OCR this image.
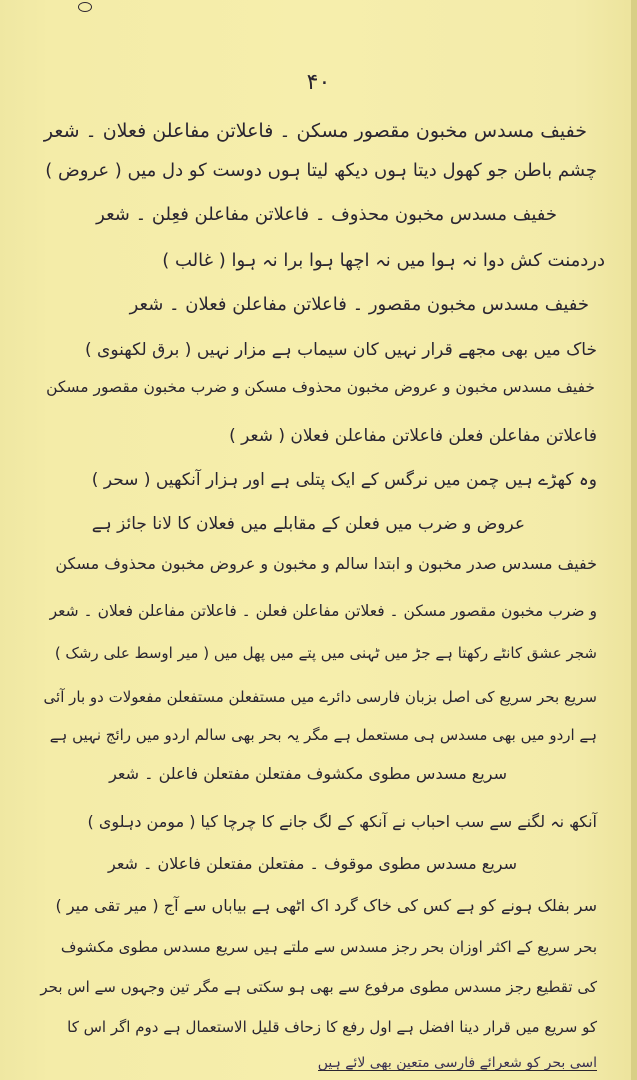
۴۰
خفیف مسدس مخبون مقصور مسکن ۔ فاعلاتن مفاعلن فعلان ۔ شعر
چشم باطن جو کھول دیتا ہوں دیکھ لیتا ہوں دوست کو دل میں ( عروض )
خفیف مسدس مخبون محذوف ۔ فاعلاتن مفاعلن فعِلن ۔ شعر
دردمنت کش دوا نہ ہوا میں نہ اچھا ہوا برا نہ ہوا ( غالب )
خفیف مسدس مخبون مقصور ۔ فاعلاتن مفاعلن فعلان ۔ شعر
خاک میں بھی مجھے قرار نہیں کان سیماب ہے مزار نہیں ( برق لکھنوی )
خفیف مسدس مخبون و عروض مخبون محذوف مسکن و ضرب مخبون مقصور مسکن
فاعلاتن مفاعلن فعلن فاعلاتن مفاعلن فعلان ( شعر )
وہ کھڑے ہیں چمن میں نرگس کے ایک پتلی ہے اور ہزار آنکھیں ( سحر )
عروض و ضرب میں فعلن کے مقابلے میں فعلان کا لانا جائز ہے
خفیف مسدس صدر مخبون و ابتدا سالم و مخبون و عروض مخبون محذوف مسکن
و ضرب مخبون مقصور مسکن ۔ فعلاتن مفاعلن فعلن ۔ فاعلاتن مفاعلن فعلان ۔ شعر
شجر عشق کانٹے رکھتا ہے جڑ میں ٹہنی میں پتے میں پھل میں ( میر اوسط علی رشک )
سریع بحر سریع کی اصل بزبان فارسی دائرے میں مستفعلن مستفعلن مفعولات دو بار آئی
ہے اردو میں بھی مسدس ہی مستعمل ہے مگر یہ بحر بھی سالم اردو میں رائج نہیں ہے
سریع مسدس مطوی مکشوف مفتعلن مفتعلن فاعلن ۔ شعر
آنکھ نہ لگنے سے سب احباب نے آنکھ کے لگ جانے کا چرچا کیا ( مومن دہلوی )
سریع مسدس مطوی موقوف ۔ مفتعلن مفتعلن فاعلان ۔ شعر
سر بفلک ہونے کو ہے کس کی خاک گرد اک اٹھی ہے بیاباں سے آج ( میر تقی میر )
بحر سریع کے اکثر اوزان بحر رجز مسدس سے ملتے ہیں سریع مسدس مطوی مکشوف
کی تقطیع رجز مسدس مطوی مرفوع سے بھی ہو سکتی ہے مگر تین وجہوں سے اس بحر
کو سریع میں قرار دینا افضل ہے اول رفع کا زحاف قلیل الاستعمال ہے دوم اگر اس کا
اسی بحر کو شعرائے فارسی متعین بھی لائے ہیں
